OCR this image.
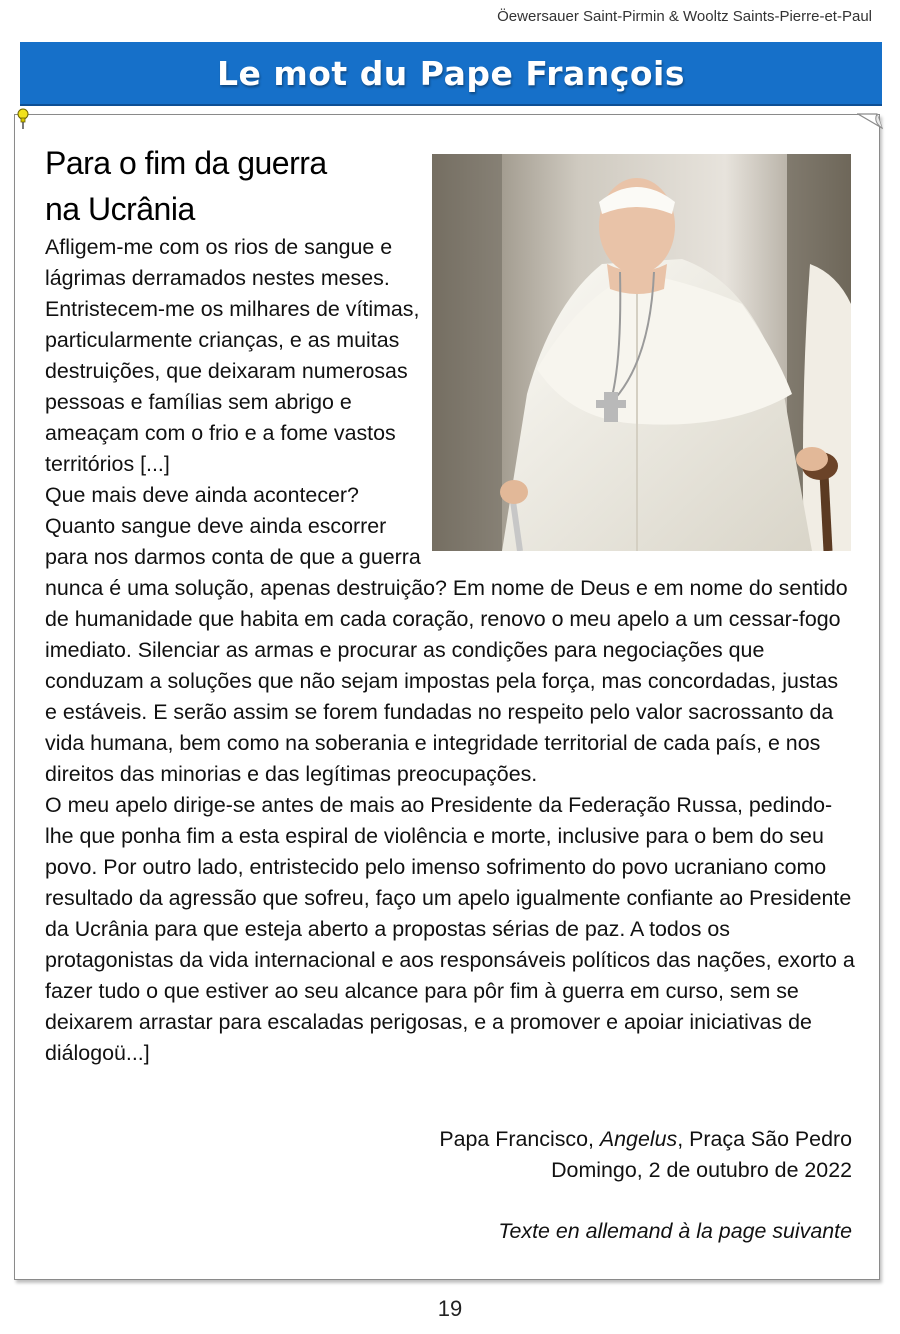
Öewersauer Saint-Pirmin & Wooltz Saints-Pierre-et-Paul
Le mot du Pape François
Para o fim da guerra
na Ucrânia

Afligem-me com os rios de sangue e lágrimas derramados nestes meses. Entristecem-me os milhares de vítimas, particularmente crianças, e as muitas destruições, que deixaram numerosas pessoas e famílias sem abrigo e ameaçam com o frio e a fome vastos territórios [...]

Que mais deve ainda acontecer? Quanto sangue deve ainda escorrer para nos darmos conta de que a guerra nunca é uma solução, apenas destruição? Em nome de Deus e em nome do sentido de humanidade que habita em cada coração, renovo o meu apelo a um cessar-fogo imediato. Silenciar as armas e procurar as condições para negociações que conduzam a soluções que não sejam impostas pela força, mas concordadas, justas e estáveis. E serão assim se forem fundadas no respeito pelo valor sacrossanto da vida humana, bem como na soberania e integridade territorial de cada país, e nos direitos das minorias e das legítimas preocupações.

O meu apelo dirige-se antes de mais ao Presidente da Federação Russa, pedindo-lhe que ponha fim a esta espiral de violência e morte, inclusive para o bem do seu povo. Por outro lado, entristecido pelo imenso sofrimento do povo ucraniano como resultado da agressão que sofreu, faço um apelo igualmente confiante ao Presidente da Ucrânia para que esteja aberto a propostas sérias de paz. A todos os protagonistas da vida internacional e aos responsáveis políticos das nações, exorto a fazer tudo o que estiver ao seu alcance para pôr fim à guerra em curso, sem se deixarem arrastar para escaladas perigosas, e a promover e apoiar iniciativas de diálogoü...]

Papa Francisco, Angelus, Praça São Pedro
Domingo, 2 de outubro de 2022
Texte en allemand à la page suivante
19
